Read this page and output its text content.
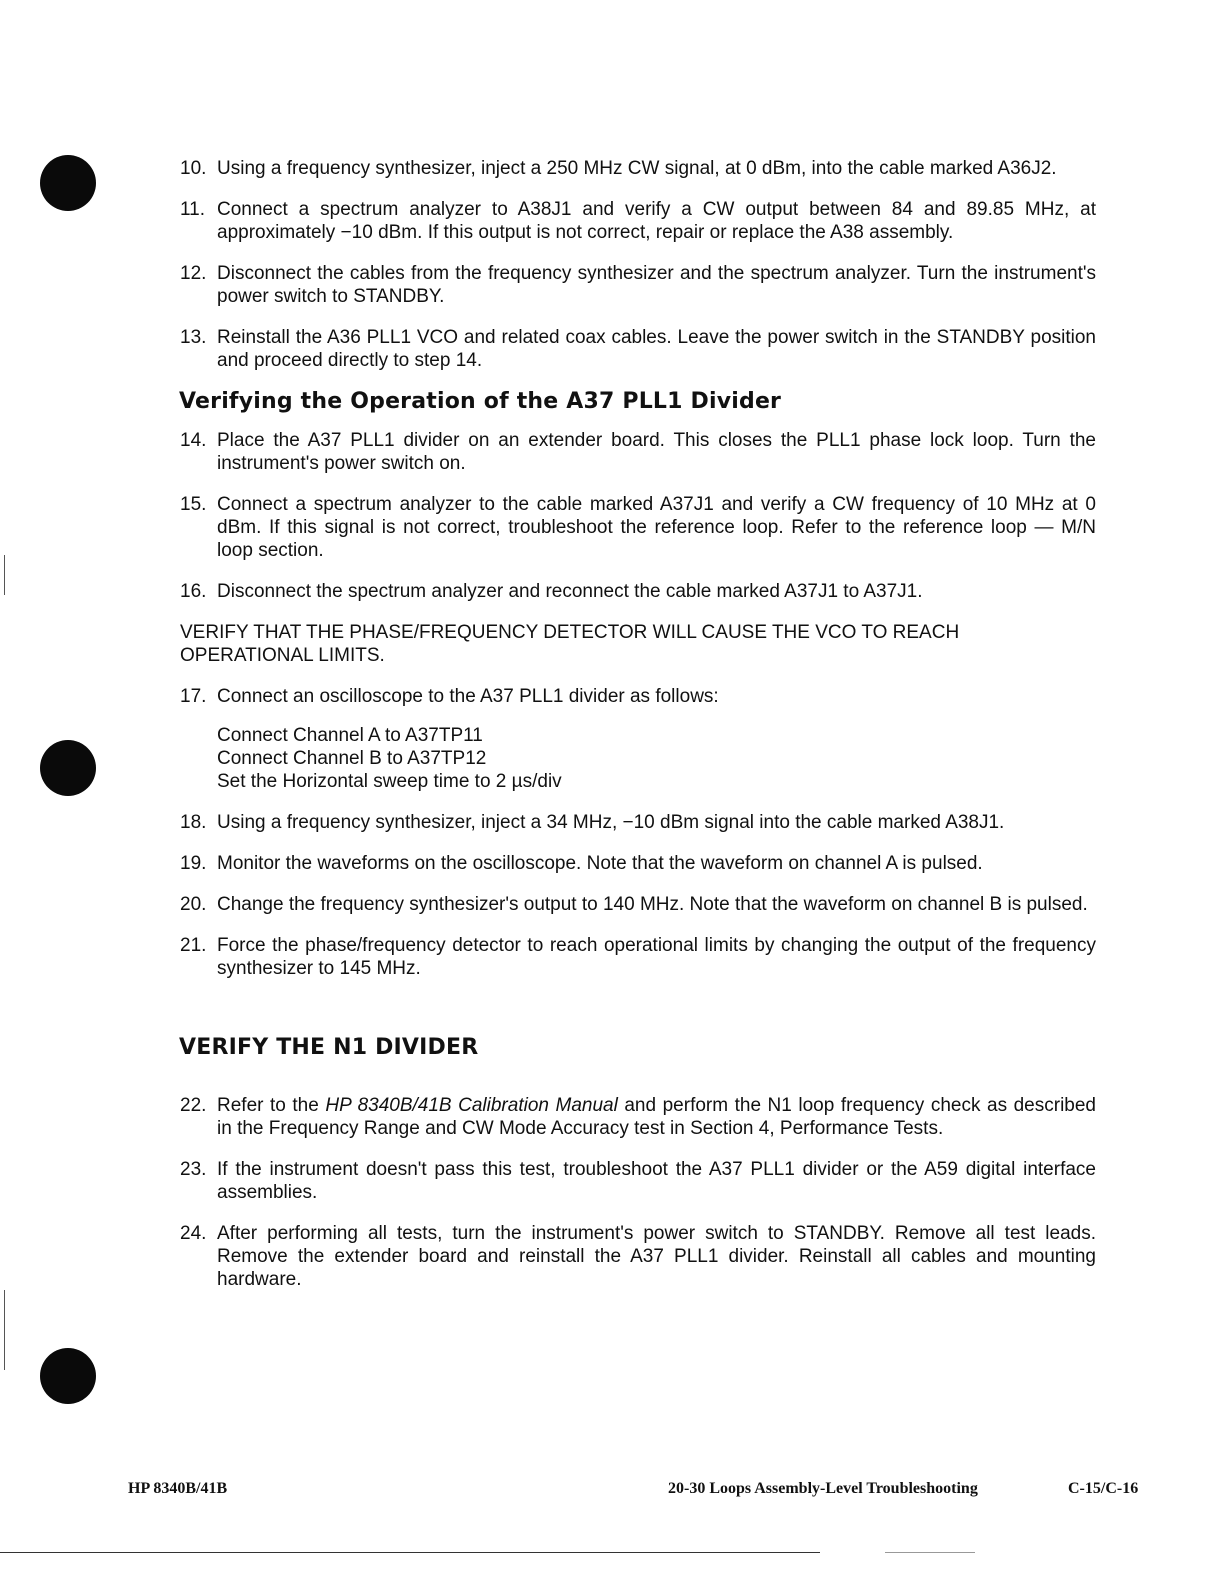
10. Using a frequency synthesizer, inject a 250 MHz CW signal, at 0 dBm, into the cable marked A36J2.
11. Connect a spectrum analyzer to A38J1 and verify a CW output between 84 and 89.85 MHz, at approximately −10 dBm. If this output is not correct, repair or replace the A38 assembly.
12. Disconnect the cables from the frequency synthesizer and the spectrum analyzer. Turn the instrument's power switch to STANDBY.
13. Reinstall the A36 PLL1 VCO and related coax cables. Leave the power switch in the STANDBY position and proceed directly to step 14.
Verifying the Operation of the A37 PLL1 Divider
14. Place the A37 PLL1 divider on an extender board. This closes the PLL1 phase lock loop. Turn the instrument's power switch on.
15. Connect a spectrum analyzer to the cable marked A37J1 and verify a CW frequency of 10 MHz at 0 dBm. If this signal is not correct, troubleshoot the reference loop. Refer to the reference loop — M/N loop section.
16. Disconnect the spectrum analyzer and reconnect the cable marked A37J1 to A37J1.
VERIFY THAT THE PHASE/FREQUENCY DETECTOR WILL CAUSE THE VCO TO REACH OPERATIONAL LIMITS.
17. Connect an oscilloscope to the A37 PLL1 divider as follows:
Connect Channel A to A37TP11
Connect Channel B to A37TP12
Set the Horizontal sweep time to 2 µs/div
18. Using a frequency synthesizer, inject a 34 MHz, −10 dBm signal into the cable marked A38J1.
19. Monitor the waveforms on the oscilloscope. Note that the waveform on channel A is pulsed.
20. Change the frequency synthesizer's output to 140 MHz. Note that the waveform on channel B is pulsed.
21. Force the phase/frequency detector to reach operational limits by changing the output of the frequency synthesizer to 145 MHz.
VERIFY THE N1 DIVIDER
22. Refer to the HP 8340B/41B Calibration Manual and perform the N1 loop frequency check as described in the Frequency Range and CW Mode Accuracy test in Section 4, Performance Tests.
23. If the instrument doesn't pass this test, troubleshoot the A37 PLL1 divider or the A59 digital interface assemblies.
24. After performing all tests, turn the instrument's power switch to STANDBY. Remove all test leads. Remove the extender board and reinstall the A37 PLL1 divider. Reinstall all cables and mounting hardware.
HP 8340B/41B	20-30 Loops Assembly-Level Troubleshooting	C-15/C-16
